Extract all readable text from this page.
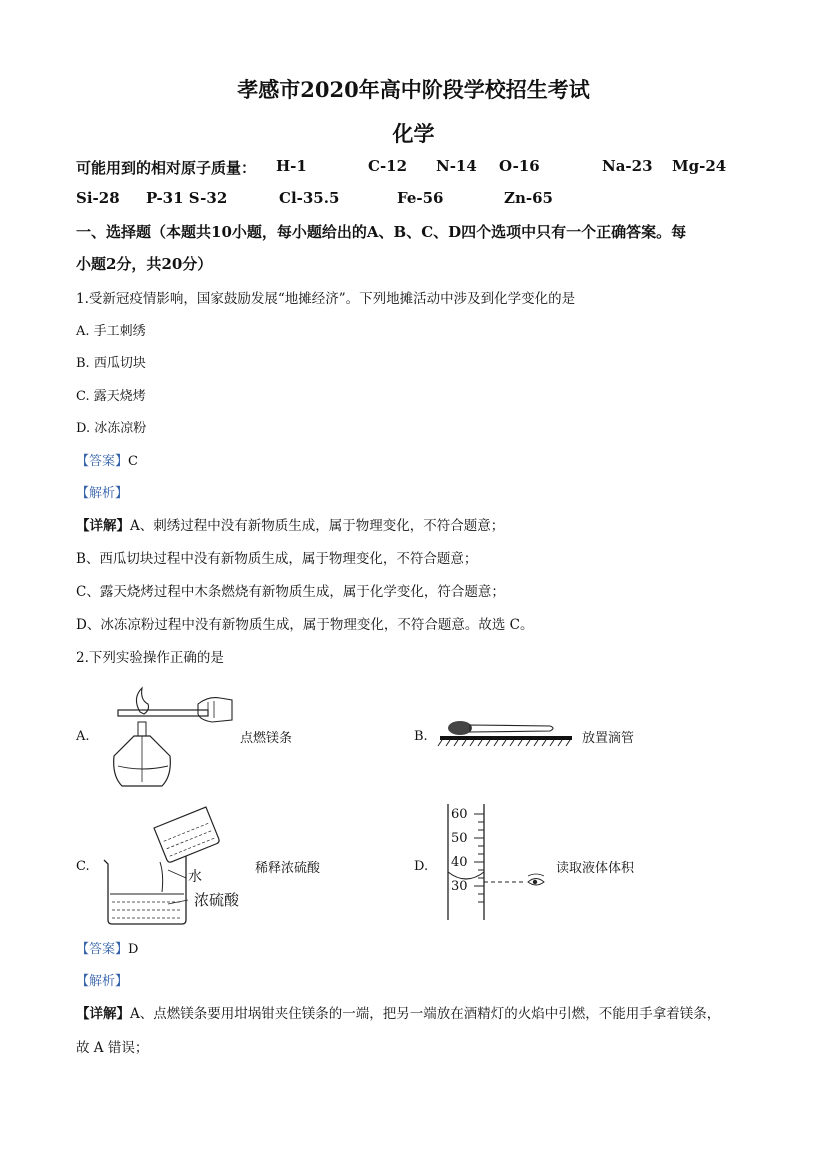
孝感市2020年高中阶段学校招生考试
化学
可能用到的相对原子质量： H-1	C-12 N-14 O-16	Na-23 Mg-24
Si-28 P-31 S-32	Cl-35.5	Fe-56	Zn-65
一、选择题（本题共10小题，每小题给出的A、B、C、D四个选项中只有一个正确答案。每
小题2分，共20分）
1.受新冠疫情影响，国家鼓励发展“地摊经济”。下列地摊活动中涉及到化学变化的是
A. 手工刺绣
B. 西瓜切块
C. 露天烧烤
D. 冰冻凉粉
【答案】C
【解析】
【详解】A、刺绣过程中没有新物质生成，属于物理变化，不符合题意；
B、西瓜切块过程中没有新物质生成，属于物理变化，不符合题意；
C、露天烧烤过程中木条燃烧有新物质生成，属于化学变化，符合题意；
D、冰冻凉粉过程中没有新物质生成，属于物理变化，不符合题意。故选 C。
2.下列实验操作正确的是
A.	点燃镁条	B.	放置滴管
C.
水
浓硫酸
稀释浓硫酸	D.
60
50
40
30
读取液体体积
【答案】D
【解析】
【详解】A、点燃镁条要用坩埚钳夹住镁条的一端，把另一端放在酒精灯的火焰中引燃，不能用手拿着镁条，
故 A 错误；
